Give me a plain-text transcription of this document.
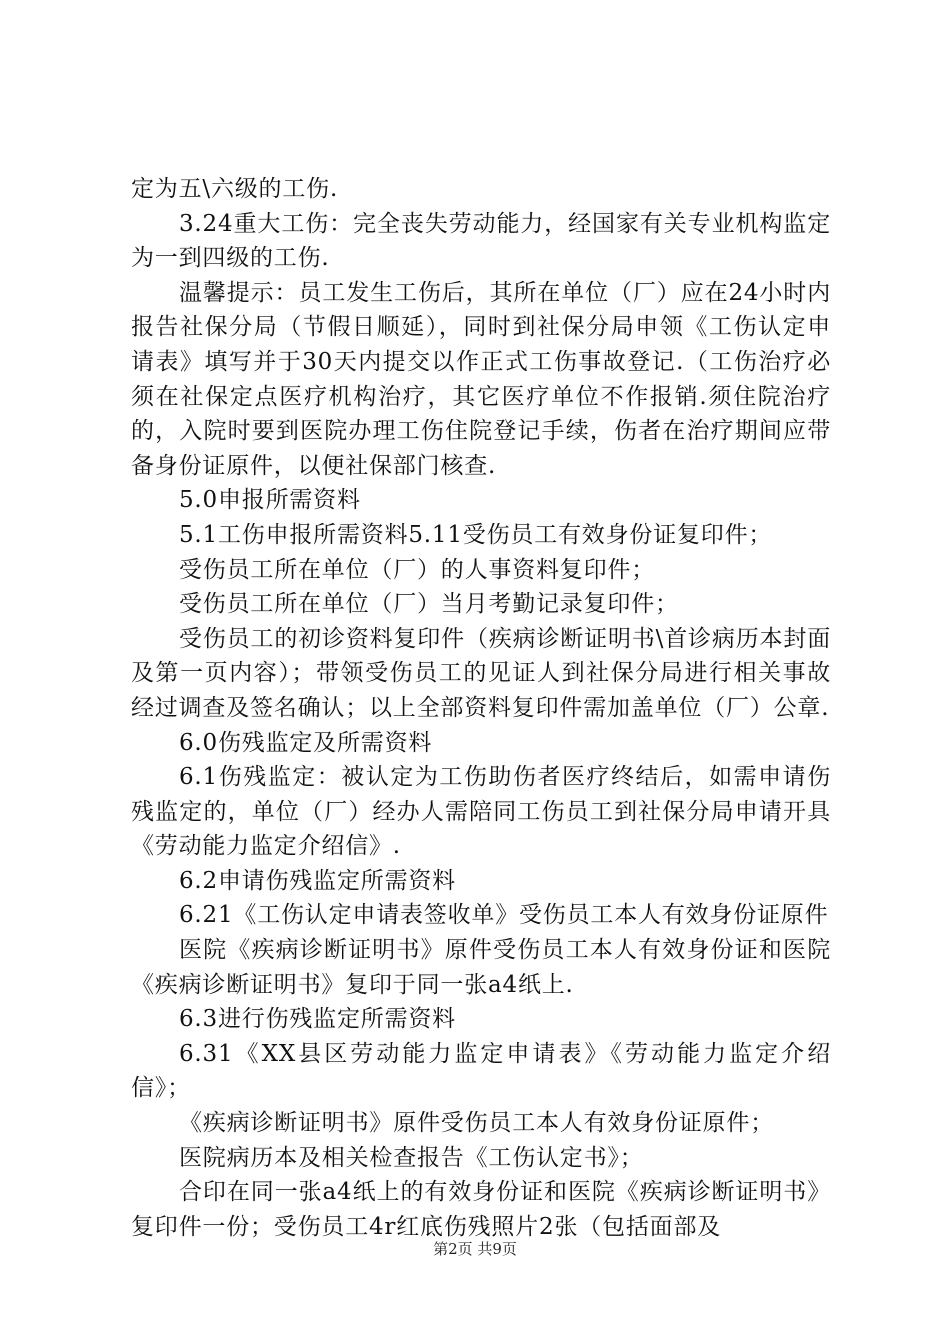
定为五\六级的工伤.

3.24重大工伤：完全丧失劳动能力，经国家有关专业机构监定为一到四级的工伤.

温馨提示：员工发生工伤后，其所在单位（厂）应在24小时内报告社保分局（节假日顺延），同时到社保分局申领《工伤认定申请表》填写并于30天内提交以作正式工伤事故登记.（工伤治疗必须在社保定点医疗机构治疗，其它医疗单位不作报销.须住院治疗的，入院时要到医院办理工伤住院登记手续，伤者在治疗期间应带备身份证原件，以便社保部门核查.

5.0申报所需资料

5.1工伤申报所需资料5.11受伤员工有效身份证复印件；

受伤员工所在单位（厂）的人事资料复印件；

受伤员工所在单位（厂）当月考勤记录复印件；

受伤员工的初诊资料复印件（疾病诊断证明书\首诊病历本封面及第一页内容）；带领受伤员工的见证人到社保分局进行相关事故经过调查及签名确认；以上全部资料复印件需加盖单位（厂）公章.

6.0伤残监定及所需资料

6.1伤残监定：被认定为工伤助伤者医疗终结后，如需申请伤残监定的，单位（厂）经办人需陪同工伤员工到社保分局申请开具《劳动能力监定介绍信》.

6.2申请伤残监定所需资料

6.21《工伤认定申请表签收单》受伤员工本人有效身份证原件

医院《疾病诊断证明书》原件受伤员工本人有效身份证和医院《疾病诊断证明书》复印于同一张a4纸上.

6.3进行伤残监定所需资料

6.31《XX县区劳动能力监定申请表》《劳动能力监定介绍信》；

《疾病诊断证明书》原件受伤员工本人有效身份证原件；

医院病历本及相关检查报告《工伤认定书》；

合印在同一张a4纸上的有效身份证和医院《疾病诊断证明书》复印件一份；受伤员工4r红底伤残照片2张（包括面部及

第2页 共9页
